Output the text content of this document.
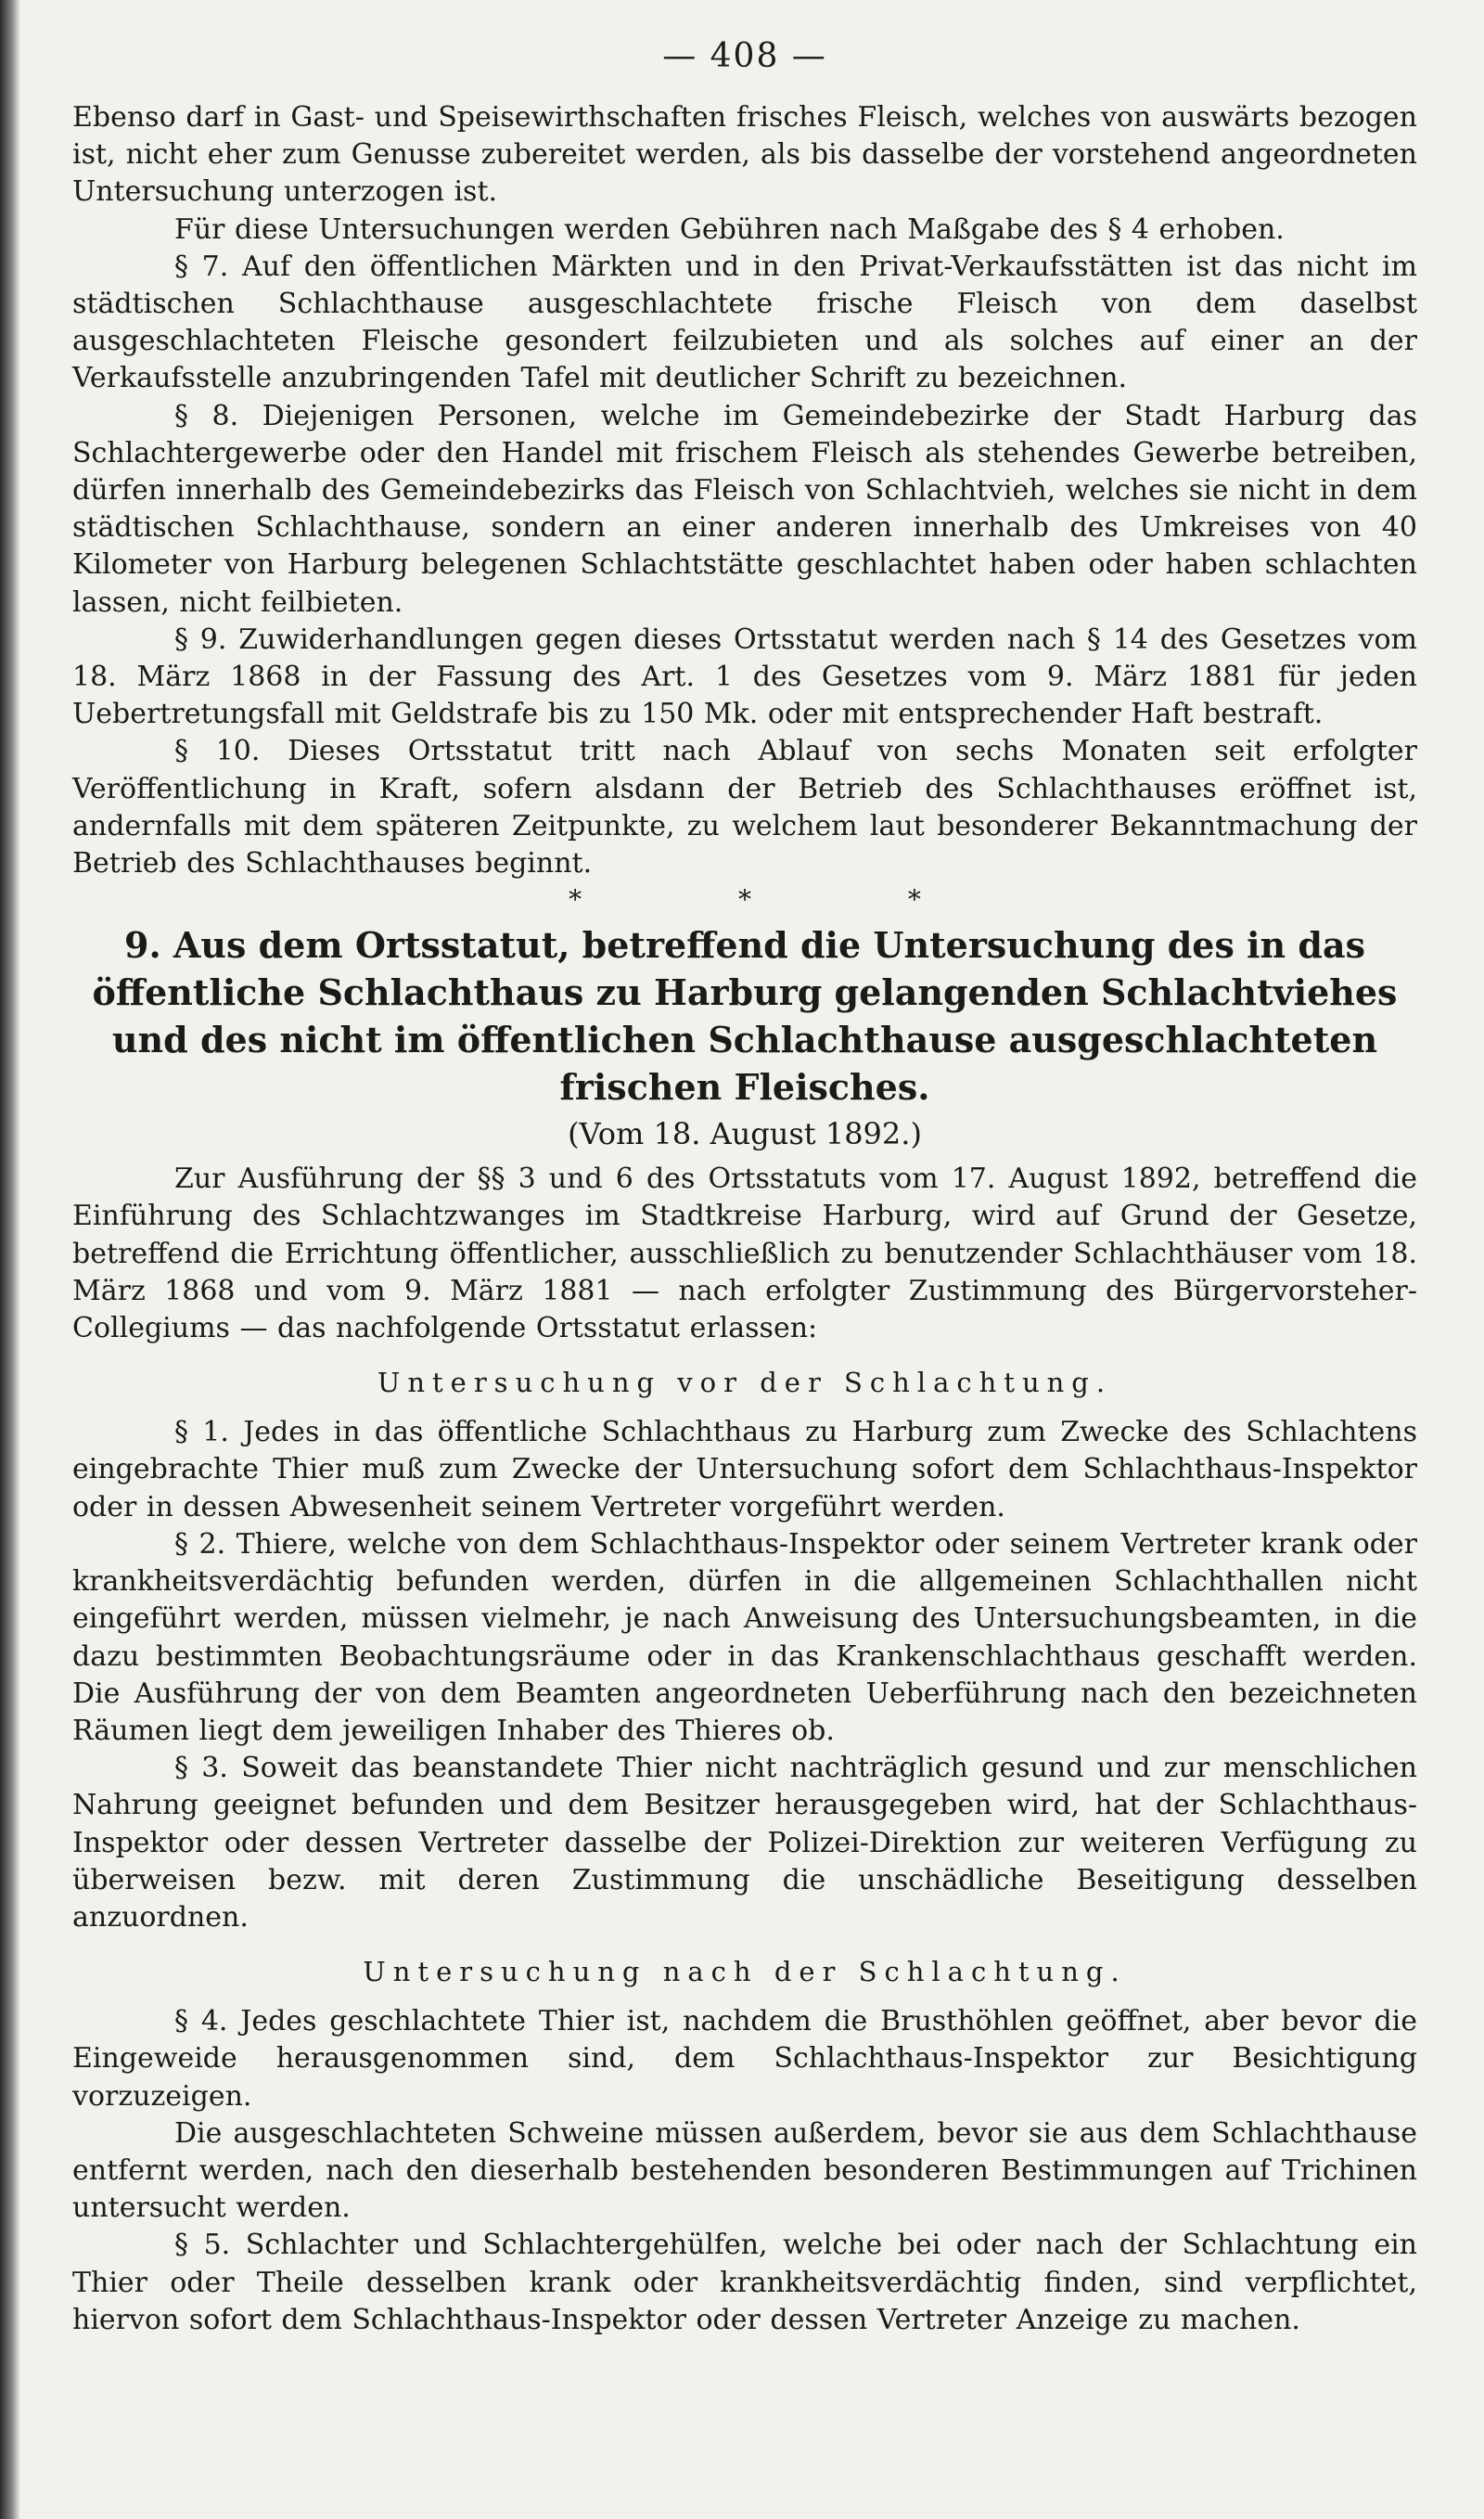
— 408 —

Ebenso darf in Gast- und Speisewirthschaften frisches Fleisch, welches von auswärts bezogen ist, nicht eher zum Genusse zubereitet werden, als bis dasselbe der vorstehend angeordneten Untersuchung unterzogen ist.

Für diese Untersuchungen werden Gebühren nach Maßgabe des § 4 erhoben.

§ 7. Auf den öffentlichen Märkten und in den Privat-Verkaufsstätten ist das nicht im städtischen Schlachthause ausgeschlachtete frische Fleisch von dem daselbst ausgeschlachteten Fleische gesondert feilzubieten und als solches auf einer an der Verkaufsstelle anzubringenden Tafel mit deutlicher Schrift zu bezeichnen.

§ 8. Diejenigen Personen, welche im Gemeindebezirke der Stadt Harburg das Schlachtergewerbe oder den Handel mit frischem Fleisch als stehendes Gewerbe betreiben, dürfen innerhalb des Gemeindebezirks das Fleisch von Schlachtvieh, welches sie nicht in dem städtischen Schlachthause, sondern an einer anderen innerhalb des Umkreises von 40 Kilometer von Harburg belegenen Schlachtstätte geschlachtet haben oder haben schlachten lassen, nicht feilbieten.

§ 9. Zuwiderhandlungen gegen dieses Ortsstatut werden nach § 14 des Gesetzes vom 18. März 1868 in der Fassung des Art. 1 des Gesetzes vom 9. März 1881 für jeden Uebertretungsfall mit Geldstrafe bis zu 150 Mk. oder mit entsprechender Haft bestraft.

§ 10. Dieses Ortsstatut tritt nach Ablauf von sechs Monaten seit erfolgter Veröffentlichung in Kraft, sofern alsdann der Betrieb des Schlachthauses eröffnet ist, andernfalls mit dem späteren Zeitpunkte, zu welchem laut besonderer Bekanntmachung der Betrieb des Schlachthauses beginnt.

* * *
9. Aus dem Ortsstatut, betreffend die Untersuchung des in das öffentliche Schlachthaus zu Harburg gelangenden Schlachtviehes und des nicht im öffentlichen Schlachthause ausgeschlachteten frischen Fleisches.
(Vom 18. August 1892.)

Zur Ausführung der §§ 3 und 6 des Ortsstatuts vom 17. August 1892, betreffend die Einführung des Schlachtzwanges im Stadtkreise Harburg, wird auf Grund der Gesetze, betreffend die Errichtung öffentlicher, ausschließlich zu benutzender Schlachthäuser vom 18. März 1868 und vom 9. März 1881 — nach erfolgter Zustimmung des Bürgervorsteher-Collegiums — das nachfolgende Ortsstatut erlassen:

Untersuchung vor der Schlachtung.

§ 1. Jedes in das öffentliche Schlachthaus zu Harburg zum Zwecke des Schlachtens eingebrachte Thier muß zum Zwecke der Untersuchung sofort dem Schlachthaus-Inspektor oder in dessen Abwesenheit seinem Vertreter vorgeführt werden.

§ 2. Thiere, welche von dem Schlachthaus-Inspektor oder seinem Vertreter krank oder krankheitsverdächtig befunden werden, dürfen in die allgemeinen Schlachthallen nicht eingeführt werden, müssen vielmehr, je nach Anweisung des Untersuchungsbeamten, in die dazu bestimmten Beobachtungsräume oder in das Krankenschlachthaus geschafft werden. Die Ausführung der von dem Beamten angeordneten Ueberführung nach den bezeichneten Räumen liegt dem jeweiligen Inhaber des Thieres ob.

§ 3. Soweit das beanstandete Thier nicht nachträglich gesund und zur menschlichen Nahrung geeignet befunden und dem Besitzer herausgegeben wird, hat der Schlachthaus-Inspektor oder dessen Vertreter dasselbe der Polizei-Direktion zur weiteren Verfügung zu überweisen bezw. mit deren Zustimmung die unschädliche Beseitigung desselben anzuordnen.

Untersuchung nach der Schlachtung.

§ 4. Jedes geschlachtete Thier ist, nachdem die Brusthöhlen geöffnet, aber bevor die Eingeweide herausgenommen sind, dem Schlachthaus-Inspektor zur Besichtigung vorzuzeigen.

Die ausgeschlachteten Schweine müssen außerdem, bevor sie aus dem Schlachthause entfernt werden, nach den dieserhalb bestehenden besonderen Bestimmungen auf Trichinen untersucht werden.

§ 5. Schlachter und Schlachtergehülfen, welche bei oder nach der Schlachtung ein Thier oder Theile desselben krank oder krankheitsverdächtig finden, sind verpflichtet, hiervon sofort dem Schlachthaus-Inspektor oder dessen Vertreter Anzeige zu machen.
